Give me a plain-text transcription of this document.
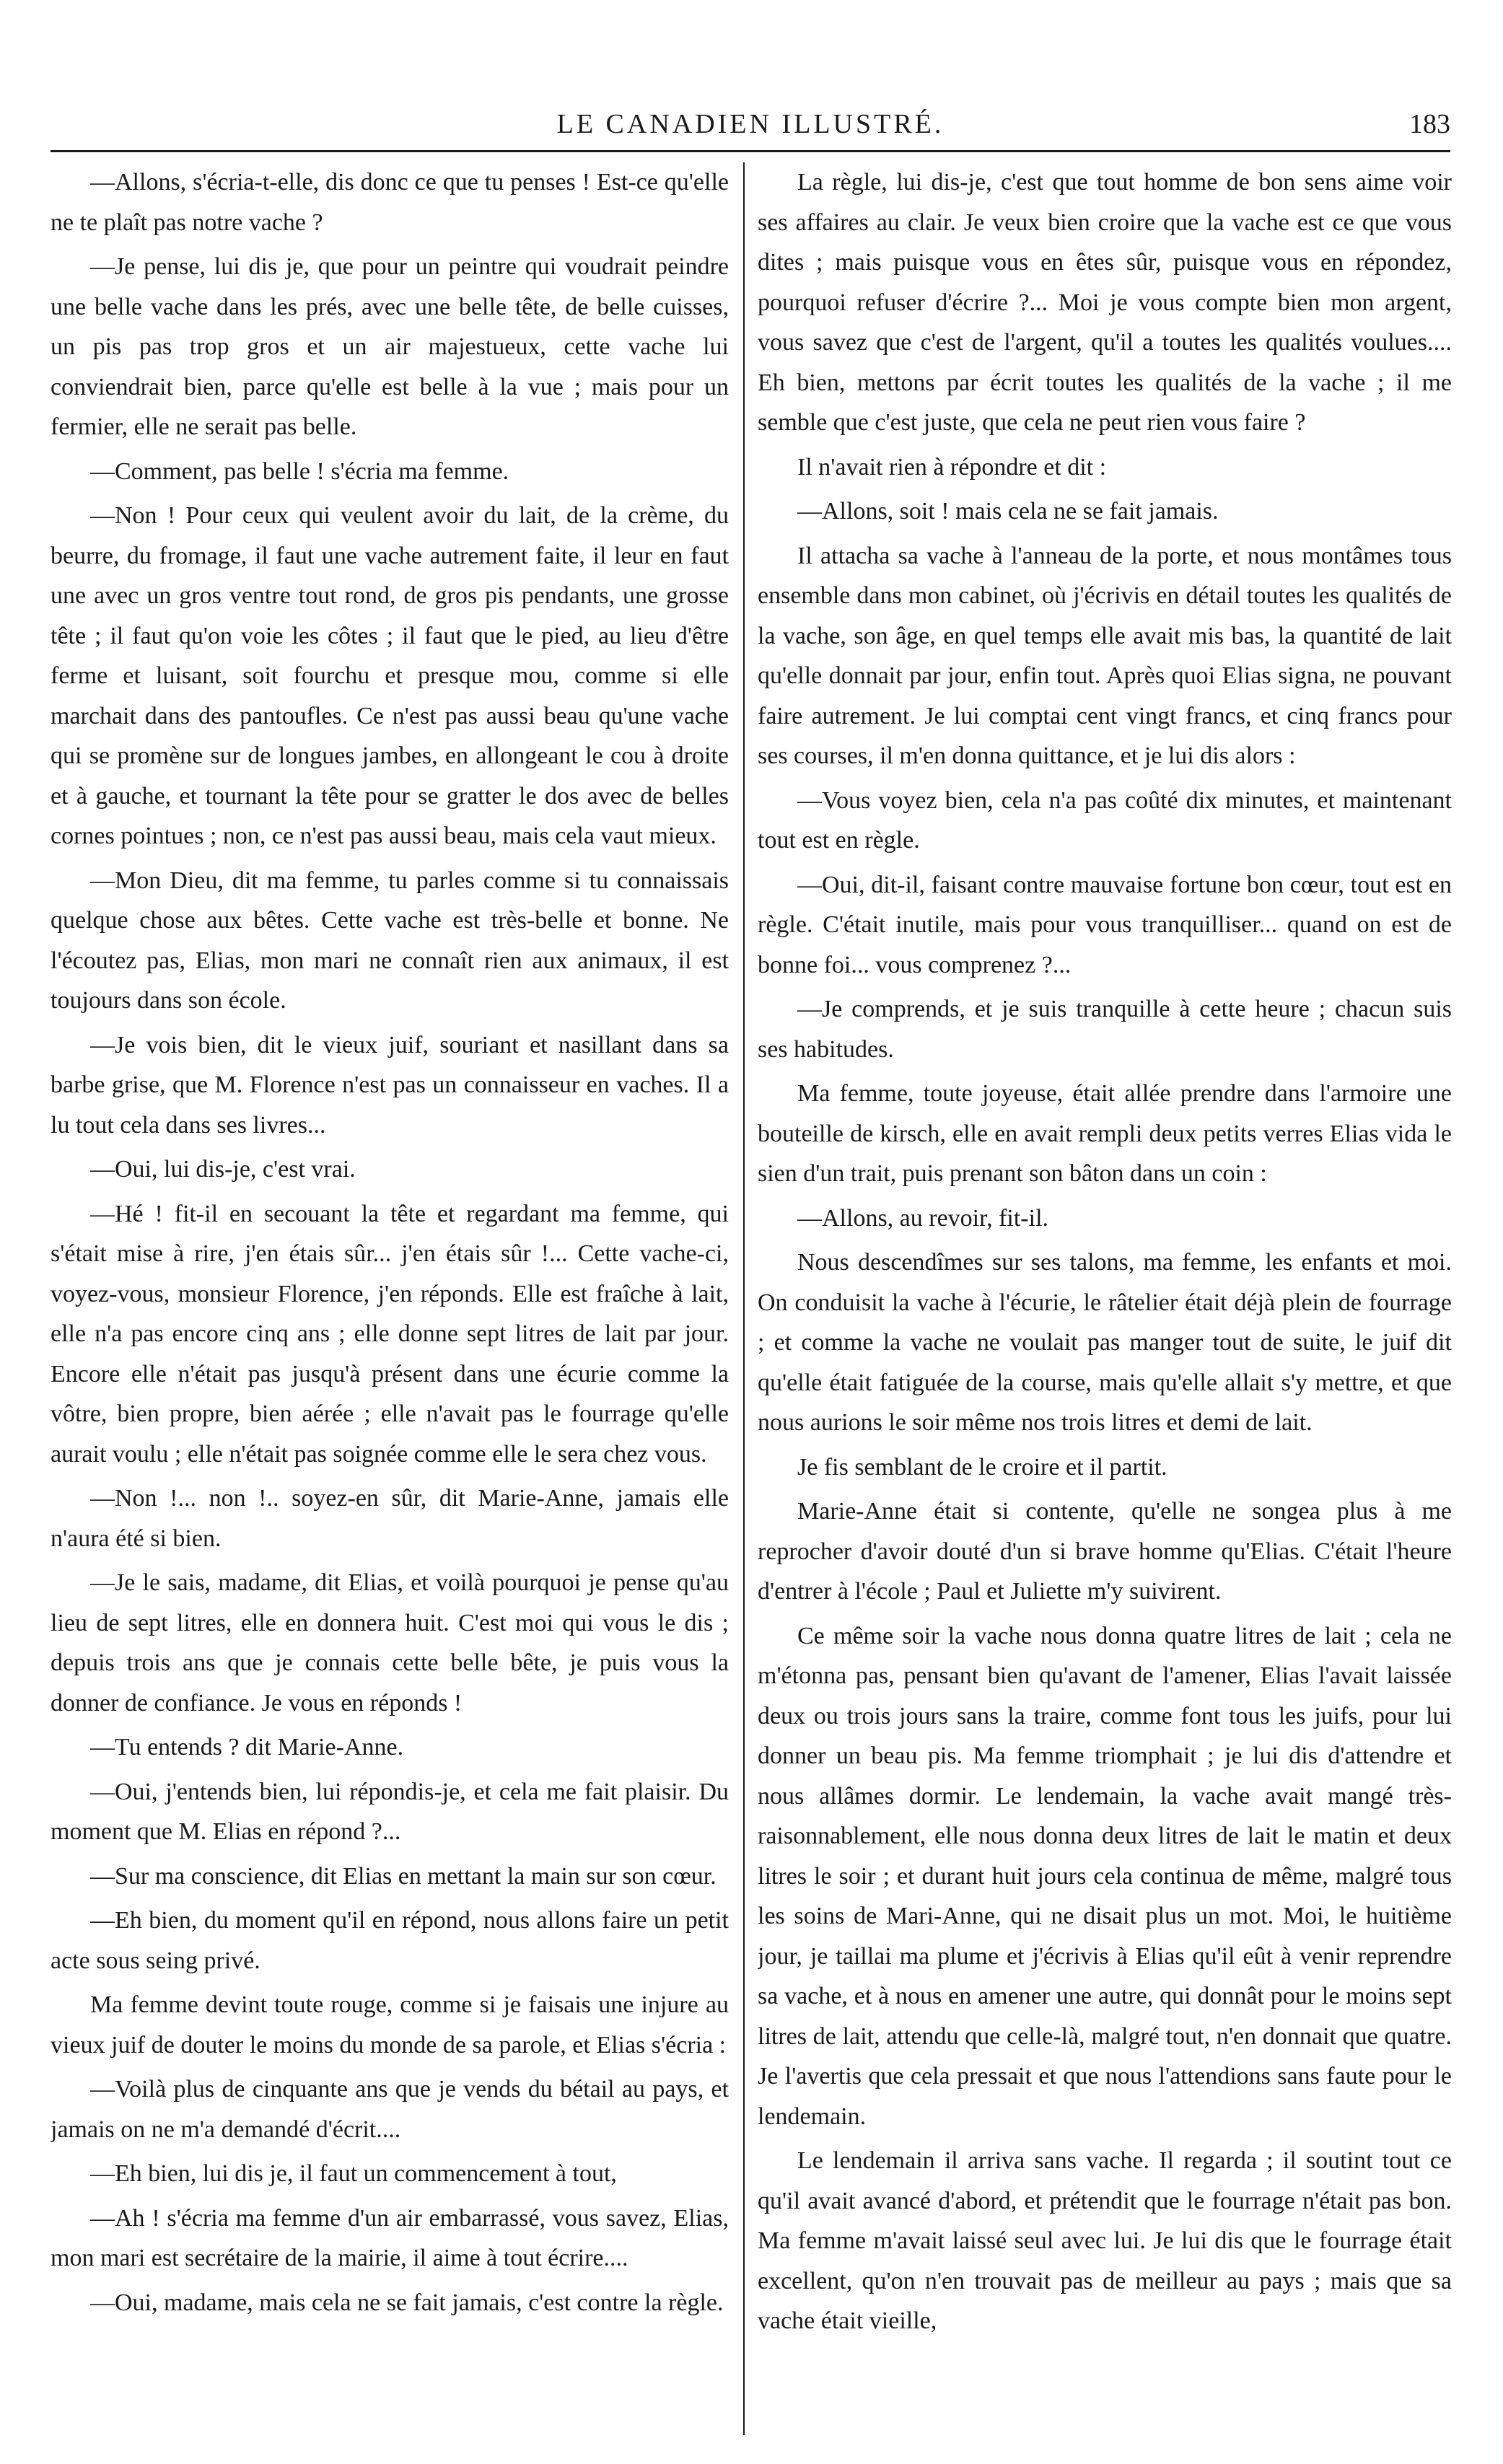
LE CANADIEN ILLUSTRÉ.	183

—Allons, s'écria-t-elle, dis donc ce que tu penses ! Est-ce qu'elle ne te plaît pas notre vache ?

—Je pense, lui dis je, que pour un peintre qui voudrait peindre une belle vache dans les prés, avec une belle tête, de belle cuisses, un pis pas trop gros et un air majestueux, cette vache lui conviendrait bien, parce qu'elle est belle à la vue ; mais pour un fermier, elle ne serait pas belle.

—Comment, pas belle ! s'écria ma femme.

—Non ! Pour ceux qui veulent avoir du lait, de la crème, du beurre, du fromage, il faut une vache autrement faite, il leur en faut une avec un gros ventre tout rond, de gros pis pendants, une grosse tête ; il faut qu'on voie les côtes ; il faut que le pied, au lieu d'être ferme et luisant, soit fourchu et presque mou, comme si elle marchait dans des pantoufles. Ce n'est pas aussi beau qu'une vache qui se promène sur de longues jambes, en allongeant le cou à droite et à gauche, et tournant la tête pour se gratter le dos avec de belles cornes pointues ; non, ce n'est pas aussi beau, mais cela vaut mieux.

—Mon Dieu, dit ma femme, tu parles comme si tu connaissais quelque chose aux bêtes. Cette vache est très-belle et bonne. Ne l'écoutez pas, Elias, mon mari ne connaît rien aux animaux, il est toujours dans son école.

—Je vois bien, dit le vieux juif, souriant et nasillant dans sa barbe grise, que M. Florence n'est pas un connaisseur en vaches. Il a lu tout cela dans ses livres...

—Oui, lui dis-je, c'est vrai.

—Hé ! fit-il en secouant la tête et regardant ma femme, qui s'était mise à rire, j'en étais sûr... j'en étais sûr !... Cette vache-ci, voyez-vous, monsieur Florence, j'en réponds. Elle est fraîche à lait, elle n'a pas encore cinq ans ; elle donne sept litres de lait par jour. Encore elle n'était pas jusqu'à présent dans une écurie comme la vôtre, bien propre, bien aérée ; elle n'avait pas le fourrage qu'elle aurait voulu ; elle n'était pas soignée comme elle le sera chez vous.

—Non !... non !.. soyez-en sûr, dit Marie-Anne, jamais elle n'aura été si bien.

—Je le sais, madame, dit Elias, et voilà pourquoi je pense qu'au lieu de sept litres, elle en donnera huit. C'est moi qui vous le dis ; depuis trois ans que je connais cette belle bête, je puis vous la donner de confiance. Je vous en réponds !

—Tu entends ? dit Marie-Anne.

—Oui, j'entends bien, lui répondis-je, et cela me fait plaisir. Du moment que M. Elias en répond ?...

—Sur ma conscience, dit Elias en mettant la main sur son cœur.

—Eh bien, du moment qu'il en répond, nous allons faire un petit acte sous seing privé.

Ma femme devint toute rouge, comme si je faisais une injure au vieux juif de douter le moins du monde de sa parole, et Elias s'écria :

—Voilà plus de cinquante ans que je vends du bétail au pays, et jamais on ne m'a demandé d'écrit....

—Eh bien, lui dis je, il faut un commencement à tout,

—Ah ! s'écria ma femme d'un air embarrassé, vous savez, Elias, mon mari est secrétaire de la mairie, il aime à tout écrire....

—Oui, madame, mais cela ne se fait jamais, c'est contre la règle.

La règle, lui dis-je, c'est que tout homme de bon sens aime voir ses affaires au clair. Je veux bien croire que la vache est ce que vous dites ; mais puisque vous en êtes sûr, puisque vous en répondez, pourquoi refuser d'écrire ?... Moi je vous compte bien mon argent, vous savez que c'est de l'argent, qu'il a toutes les qualités voulues.... Eh bien, mettons par écrit toutes les qualités de la vache ; il me semble que c'est juste, que cela ne peut rien vous faire ?

Il n'avait rien à répondre et dit :

—Allons, soit ! mais cela ne se fait jamais.

Il attacha sa vache à l'anneau de la porte, et nous montâmes tous ensemble dans mon cabinet, où j'écrivis en détail toutes les qualités de la vache, son âge, en quel temps elle avait mis bas, la quantité de lait qu'elle donnait par jour, enfin tout. Après quoi Elias signa, ne pouvant faire autrement. Je lui comptai cent vingt francs, et cinq francs pour ses courses, il m'en donna quittance, et je lui dis alors :

—Vous voyez bien, cela n'a pas coûté dix minutes, et maintenant tout est en règle.

—Oui, dit-il, faisant contre mauvaise fortune bon cœur, tout est en règle. C'était inutile, mais pour vous tranquilliser... quand on est de bonne foi... vous comprenez ?...

—Je comprends, et je suis tranquille à cette heure ; chacun suis ses habitudes.

Ma femme, toute joyeuse, était allée prendre dans l'armoire une bouteille de kirsch, elle en avait rempli deux petits verres Elias vida le sien d'un trait, puis prenant son bâton dans un coin :

—Allons, au revoir, fit-il.

Nous descendîmes sur ses talons, ma femme, les enfants et moi. On conduisit la vache à l'écurie, le râtelier était déjà plein de fourrage ; et comme la vache ne voulait pas manger tout de suite, le juif dit qu'elle était fatiguée de la course, mais qu'elle allait s'y mettre, et que nous aurions le soir même nos trois litres et demi de lait.

Je fis semblant de le croire et il partit.

Marie-Anne était si contente, qu'elle ne songea plus à me reprocher d'avoir douté d'un si brave homme qu'Elias. C'était l'heure d'entrer à l'école ; Paul et Juliette m'y suivirent.

Ce même soir la vache nous donna quatre litres de lait ; cela ne m'étonna pas, pensant bien qu'avant de l'amener, Elias l'avait laissée deux ou trois jours sans la traire, comme font tous les juifs, pour lui donner un beau pis. Ma femme triomphait ; je lui dis d'attendre et nous allâmes dormir. Le lendemain, la vache avait mangé très-raisonnablement, elle nous donna deux litres de lait le matin et deux litres le soir ; et durant huit jours cela continua de même, malgré tous les soins de Mari-Anne, qui ne disait plus un mot. Moi, le huitième jour, je taillai ma plume et j'écrivis à Elias qu'il eût à venir reprendre sa vache, et à nous en amener une autre, qui donnât pour le moins sept litres de lait, attendu que celle-là, malgré tout, n'en donnait que quatre. Je l'avertis que cela pressait et que nous l'attendions sans faute pour le lendemain.

Le lendemain il arriva sans vache. Il regarda ; il soutint tout ce qu'il avait avancé d'abord, et prétendit que le fourrage n'était pas bon. Ma femme m'avait laissé seul avec lui. Je lui dis que le fourrage était excellent, qu'on n'en trouvait pas de meilleur au pays ; mais que sa vache était vieille,
